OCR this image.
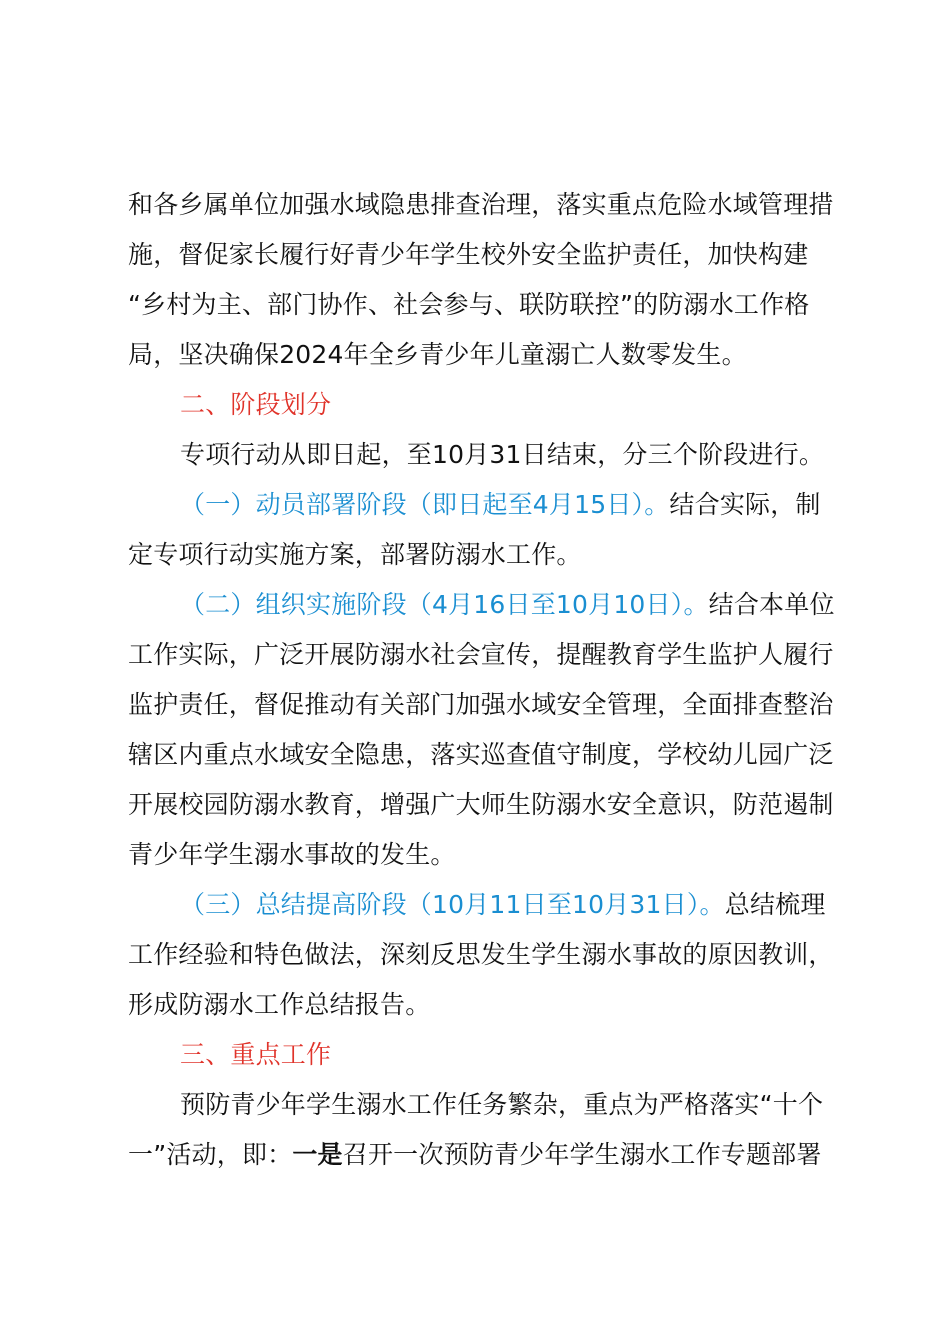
和各乡属单位加强水域隐患排查治理，落实重点危险水域管理措
施，督促家长履行好青少年学生校外安全监护责任，加快构建
“乡村为主、部门协作、社会参与、联防联控”的防溺水工作格
局，坚决确保2024年全乡青少年儿童溺亡人数零发生。
二、阶段划分
专项行动从即日起，至10月31日结束，分三个阶段进行。
（一）动员部署阶段（即日起至4月15日）。结合实际，制
定专项行动实施方案，部署防溺水工作。
（二）组织实施阶段（4月16日至10月10日）。结合本单位
工作实际，广泛开展防溺水社会宣传，提醒教育学生监护人履行
监护责任，督促推动有关部门加强水域安全管理，全面排查整治
辖区内重点水域安全隐患，落实巡查值守制度，学校幼儿园广泛
开展校园防溺水教育，增强广大师生防溺水安全意识，防范遏制
青少年学生溺水事故的发生。
（三）总结提高阶段（10月11日至10月31日）。总结梳理
工作经验和特色做法，深刻反思发生学生溺水事故的原因教训，
形成防溺水工作总结报告。
三、重点工作
预防青少年学生溺水工作任务繁杂，重点为严格落实“十个
一”活动，即：一是召开一次预防青少年学生溺水工作专题部署
